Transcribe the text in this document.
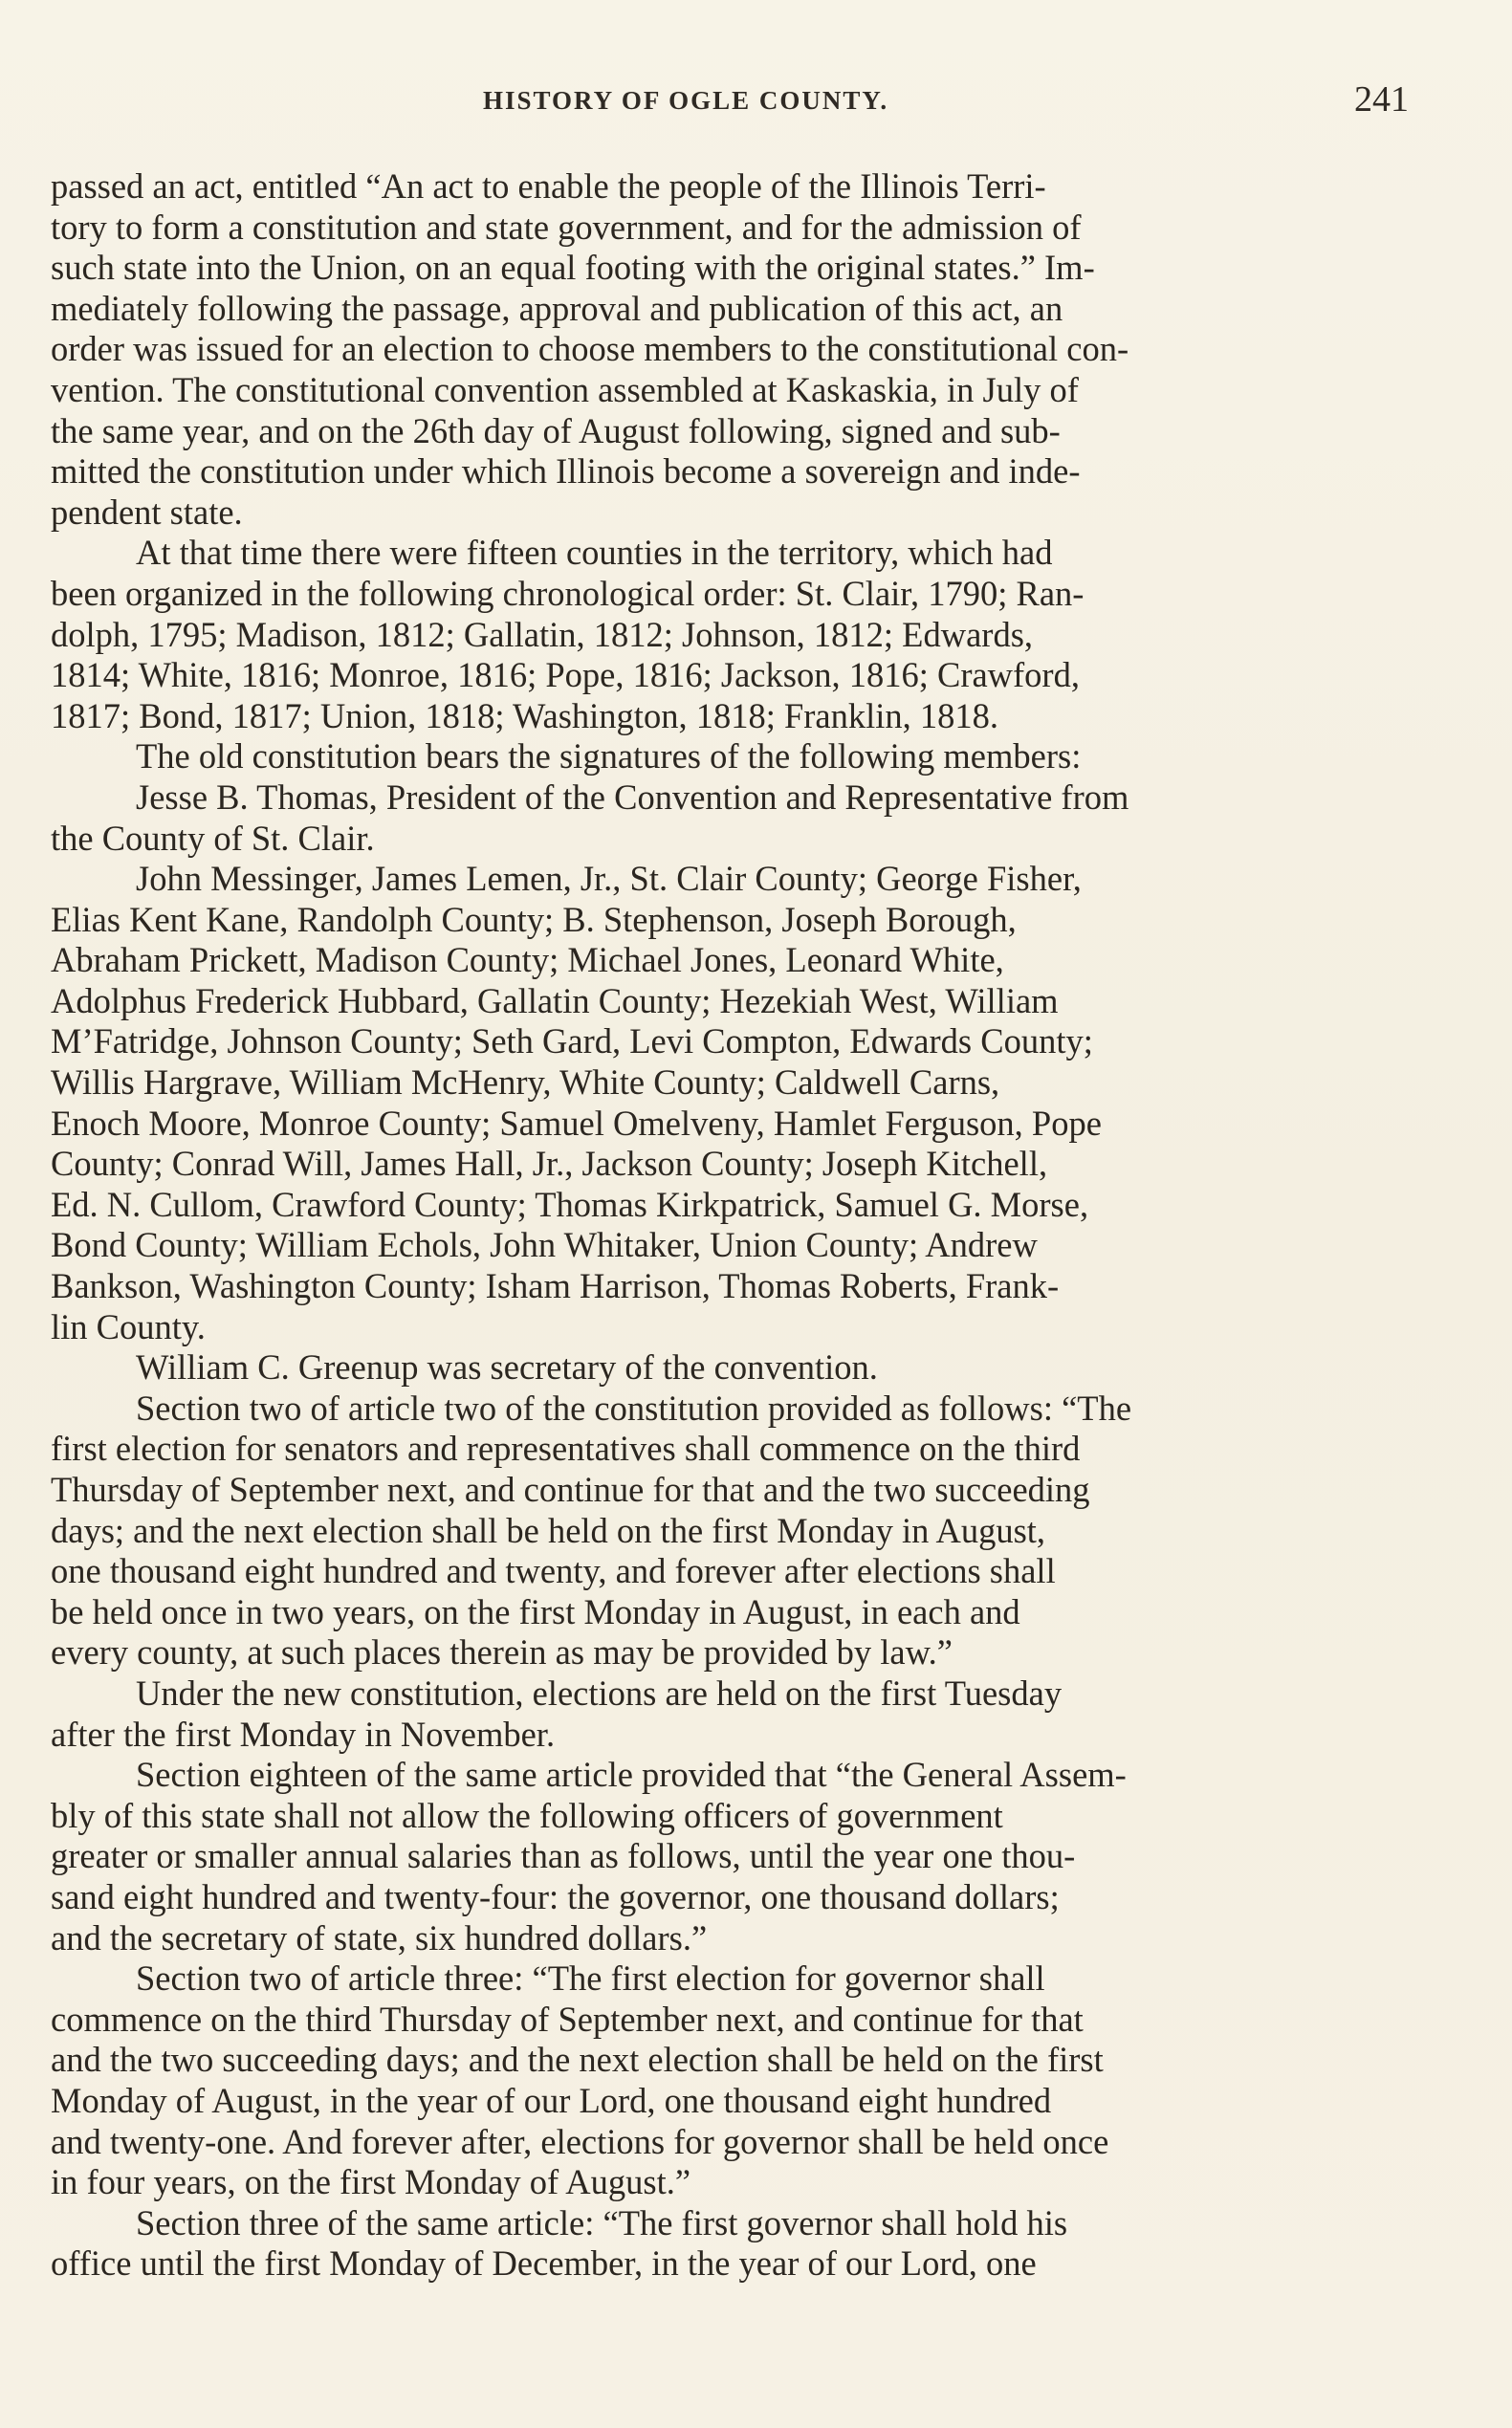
HISTORY OF OGLE COUNTY.	241
passed an act, entitled “An act to enable the people of the Illinois Terri-
tory to form a constitution and state government, and for the admission of
such state into the Union, on an equal footing with the original states.” Im-
mediately following the passage, approval and publication of this act, an
order was issued for an election to choose members to the constitutional con-
vention. The constitutional convention assembled at Kaskaskia, in July of
the same year, and on the 26th day of August following, signed and sub-
mitted the constitution under which Illinois become a sovereign and inde-
pendent state.
At that time there were fifteen counties in the territory, which had
been organized in the following chronological order: St. Clair, 1790; Ran-
dolph, 1795; Madison, 1812; Gallatin, 1812; Johnson, 1812; Edwards,
1814; White, 1816; Monroe, 1816; Pope, 1816; Jackson, 1816; Crawford,
1817; Bond, 1817; Union, 1818; Washington, 1818; Franklin, 1818.
The old constitution bears the signatures of the following members:
Jesse B. Thomas, President of the Convention and Representative from
the County of St. Clair.
John Messinger, James Lemen, Jr., St. Clair County; George Fisher,
Elias Kent Kane, Randolph County; B. Stephenson, Joseph Borough,
Abraham Prickett, Madison County; Michael Jones, Leonard White,
Adolphus Frederick Hubbard, Gallatin County; Hezekiah West, William
M’Fatridge, Johnson County; Seth Gard, Levi Compton, Edwards County;
Willis Hargrave, William McHenry, White County; Caldwell Carns,
Enoch Moore, Monroe County; Samuel Omelveny, Hamlet Ferguson, Pope
County; Conrad Will, James Hall, Jr., Jackson County; Joseph Kitchell,
Ed. N. Cullom, Crawford County; Thomas Kirkpatrick, Samuel G. Morse,
Bond County; William Echols, John Whitaker, Union County; Andrew
Bankson, Washington County; Isham Harrison, Thomas Roberts, Frank-
lin County.
William C. Greenup was secretary of the convention.
Section two of article two of the constitution provided as follows: “The
first election for senators and representatives shall commence on the third
Thursday of September next, and continue for that and the two succeeding
days; and the next election shall be held on the first Monday in August,
one thousand eight hundred and twenty, and forever after elections shall
be held once in two years, on the first Monday in August, in each and
every county, at such places therein as may be provided by law.”
Under the new constitution, elections are held on the first Tuesday
after the first Monday in November.
Section eighteen of the same article provided that “the General Assem-
bly of this state shall not allow the following officers of government
greater or smaller annual salaries than as follows, until the year one thou-
sand eight hundred and twenty-four: the governor, one thousand dollars;
and the secretary of state, six hundred dollars.”
Section two of article three: “The first election for governor shall
commence on the third Thursday of September next, and continue for that
and the two succeeding days; and the next election shall be held on the first
Monday of August, in the year of our Lord, one thousand eight hundred
and twenty-one. And forever after, elections for governor shall be held once
in four years, on the first Monday of August.”
Section three of the same article: “The first governor shall hold his
office until the first Monday of December, in the year of our Lord, one
